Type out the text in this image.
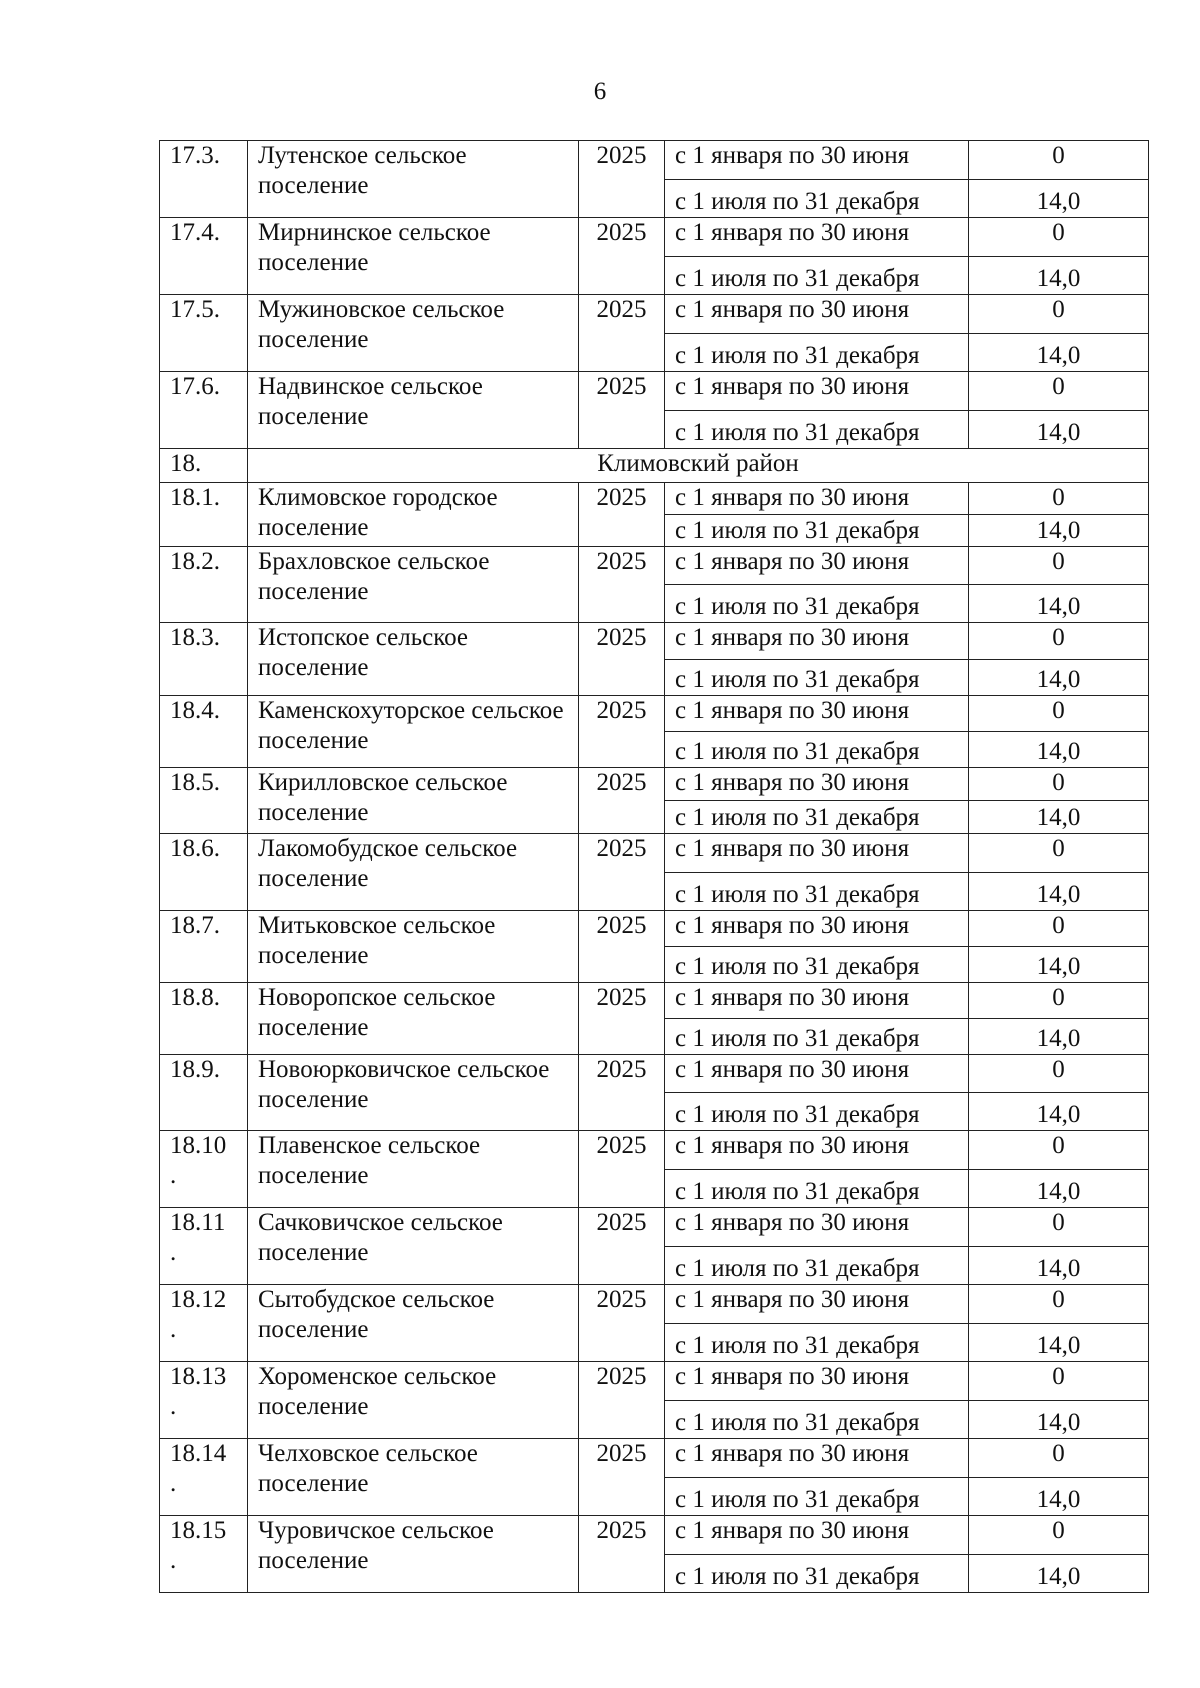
6
17.3.	Лутенское сельское поселение	2025	с 1 января по 30 июня	0
			с 1 июля по 31 декабря	14,0

17.4.	Мирнинское сельское поселение	2025	с 1 января по 30 июня	0
			с 1 июля по 31 декабря	14,0

17.5.	Мужиновское сельское поселение	2025	с 1 января по 30 июня	0
			с 1 июля по 31 декабря	14,0

17.6.	Надвинское сельское поселение	2025	с 1 января по 30 июня	0
			с 1 июля по 31 декабря	14,0
18.	Климовский район			

18.1.	Климовское городское поселение	2025	с 1 января по 30 июня	0
			с 1 июля по 31 декабря	14,0

18.2.	Брахловское сельское поселение	2025	с 1 января по 30 июня	0
			с 1 июля по 31 декабря	14,0

18.3.	Истопское сельское поселение	2025	с 1 января по 30 июня	0
			с 1 июля по 31 декабря	14,0

18.4.	Каменскохуторское сельское поселение	2025	с 1 января по 30 июня	0
			с 1 июля по 31 декабря	14,0

18.5.	Кирилловское сельское поселение	2025	с 1 января по 30 июня	0
			с 1 июля по 31 декабря	14,0

18.6.	Лакомобудское сельское поселение	2025	с 1 января по 30 июня	0
			с 1 июля по 31 декабря	14,0

18.7.	Митьковское сельское поселение	2025	с 1 января по 30 июня	0
			с 1 июля по 31 декабря	14,0

18.8.	Новоропское сельское поселение	2025	с 1 января по 30 июня	0
			с 1 июля по 31 декабря	14,0

18.9.	Новоюрковичское сельское поселение	2025	с 1 января по 30 июня	0
			с 1 июля по 31 декабря	14,0

18.10
.	Плавенское сельское поселение	2025	с 1 января по 30 июня	0
			с 1 июля по 31 декабря	14,0

18.11
.	Сачковичское сельское поселение	2025	с 1 января по 30 июня	0
			с 1 июля по 31 декабря	14,0

18.12
.	Сытобудское сельское поселение	2025	с 1 января по 30 июня	0
			с 1 июля по 31 декабря	14,0

18.13
.	Хороменское сельское поселение	2025	с 1 января по 30 июня	0
			с 1 июля по 31 декабря	14,0

18.14
.	Челховское сельское поселение	2025	с 1 января по 30 июня	0
			с 1 июля по 31 декабря	14,0

18.15
.	Чуровичское сельское поселение	2025	с 1 января по 30 июня	0
			с 1 июля по 31 декабря	14,0
